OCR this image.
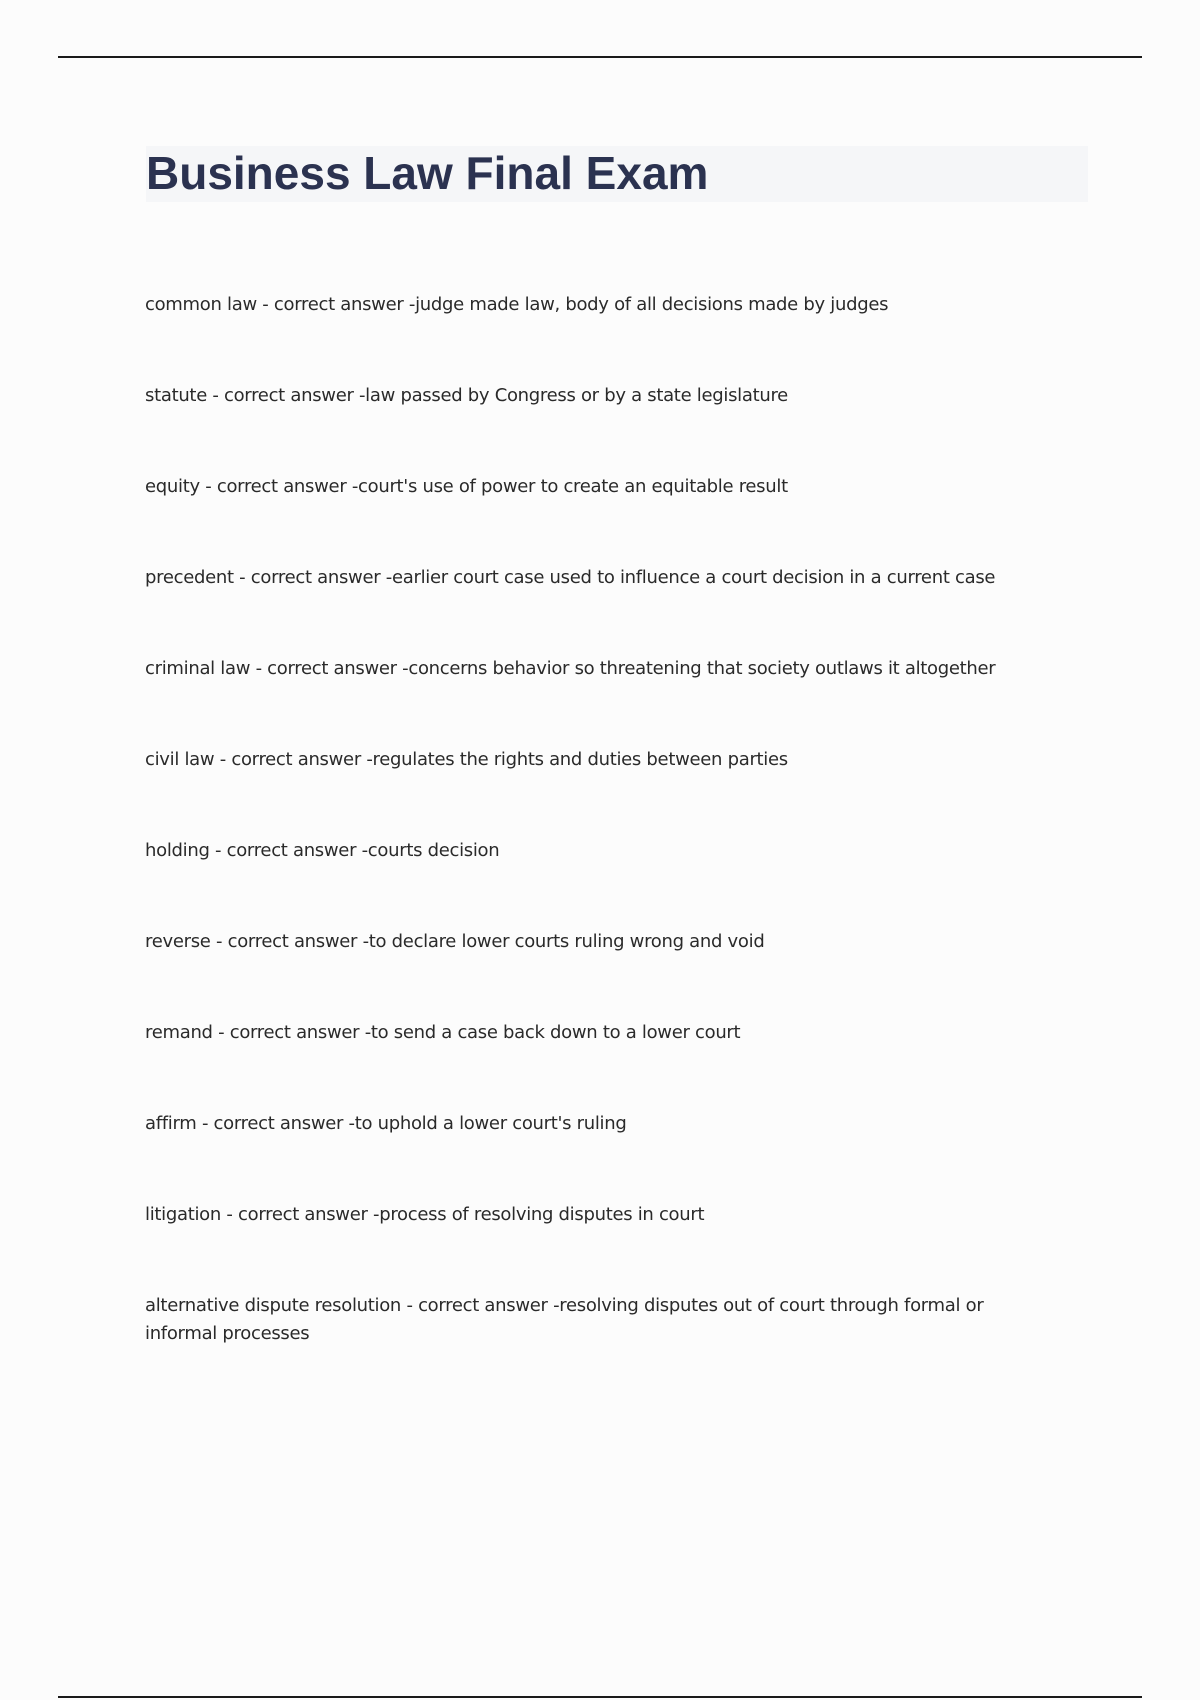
Business Law Final Exam
common law - correct answer -judge made law, body of all decisions made by judges
statute - correct answer -law passed by Congress or by a state legislature
equity - correct answer -court's use of power to create an equitable result
precedent - correct answer -earlier court case used to influence a court decision in a current case
criminal law - correct answer -concerns behavior so threatening that society outlaws it altogether
civil law - correct answer -regulates the rights and duties between parties
holding - correct answer -courts decision
reverse - correct answer -to declare lower courts ruling wrong and void
remand - correct answer -to send a case back down to a lower court
affirm - correct answer -to uphold a lower court's ruling
litigation - correct answer -process of resolving disputes in court
alternative dispute resolution - correct answer -resolving disputes out of court through formal or informal processes
